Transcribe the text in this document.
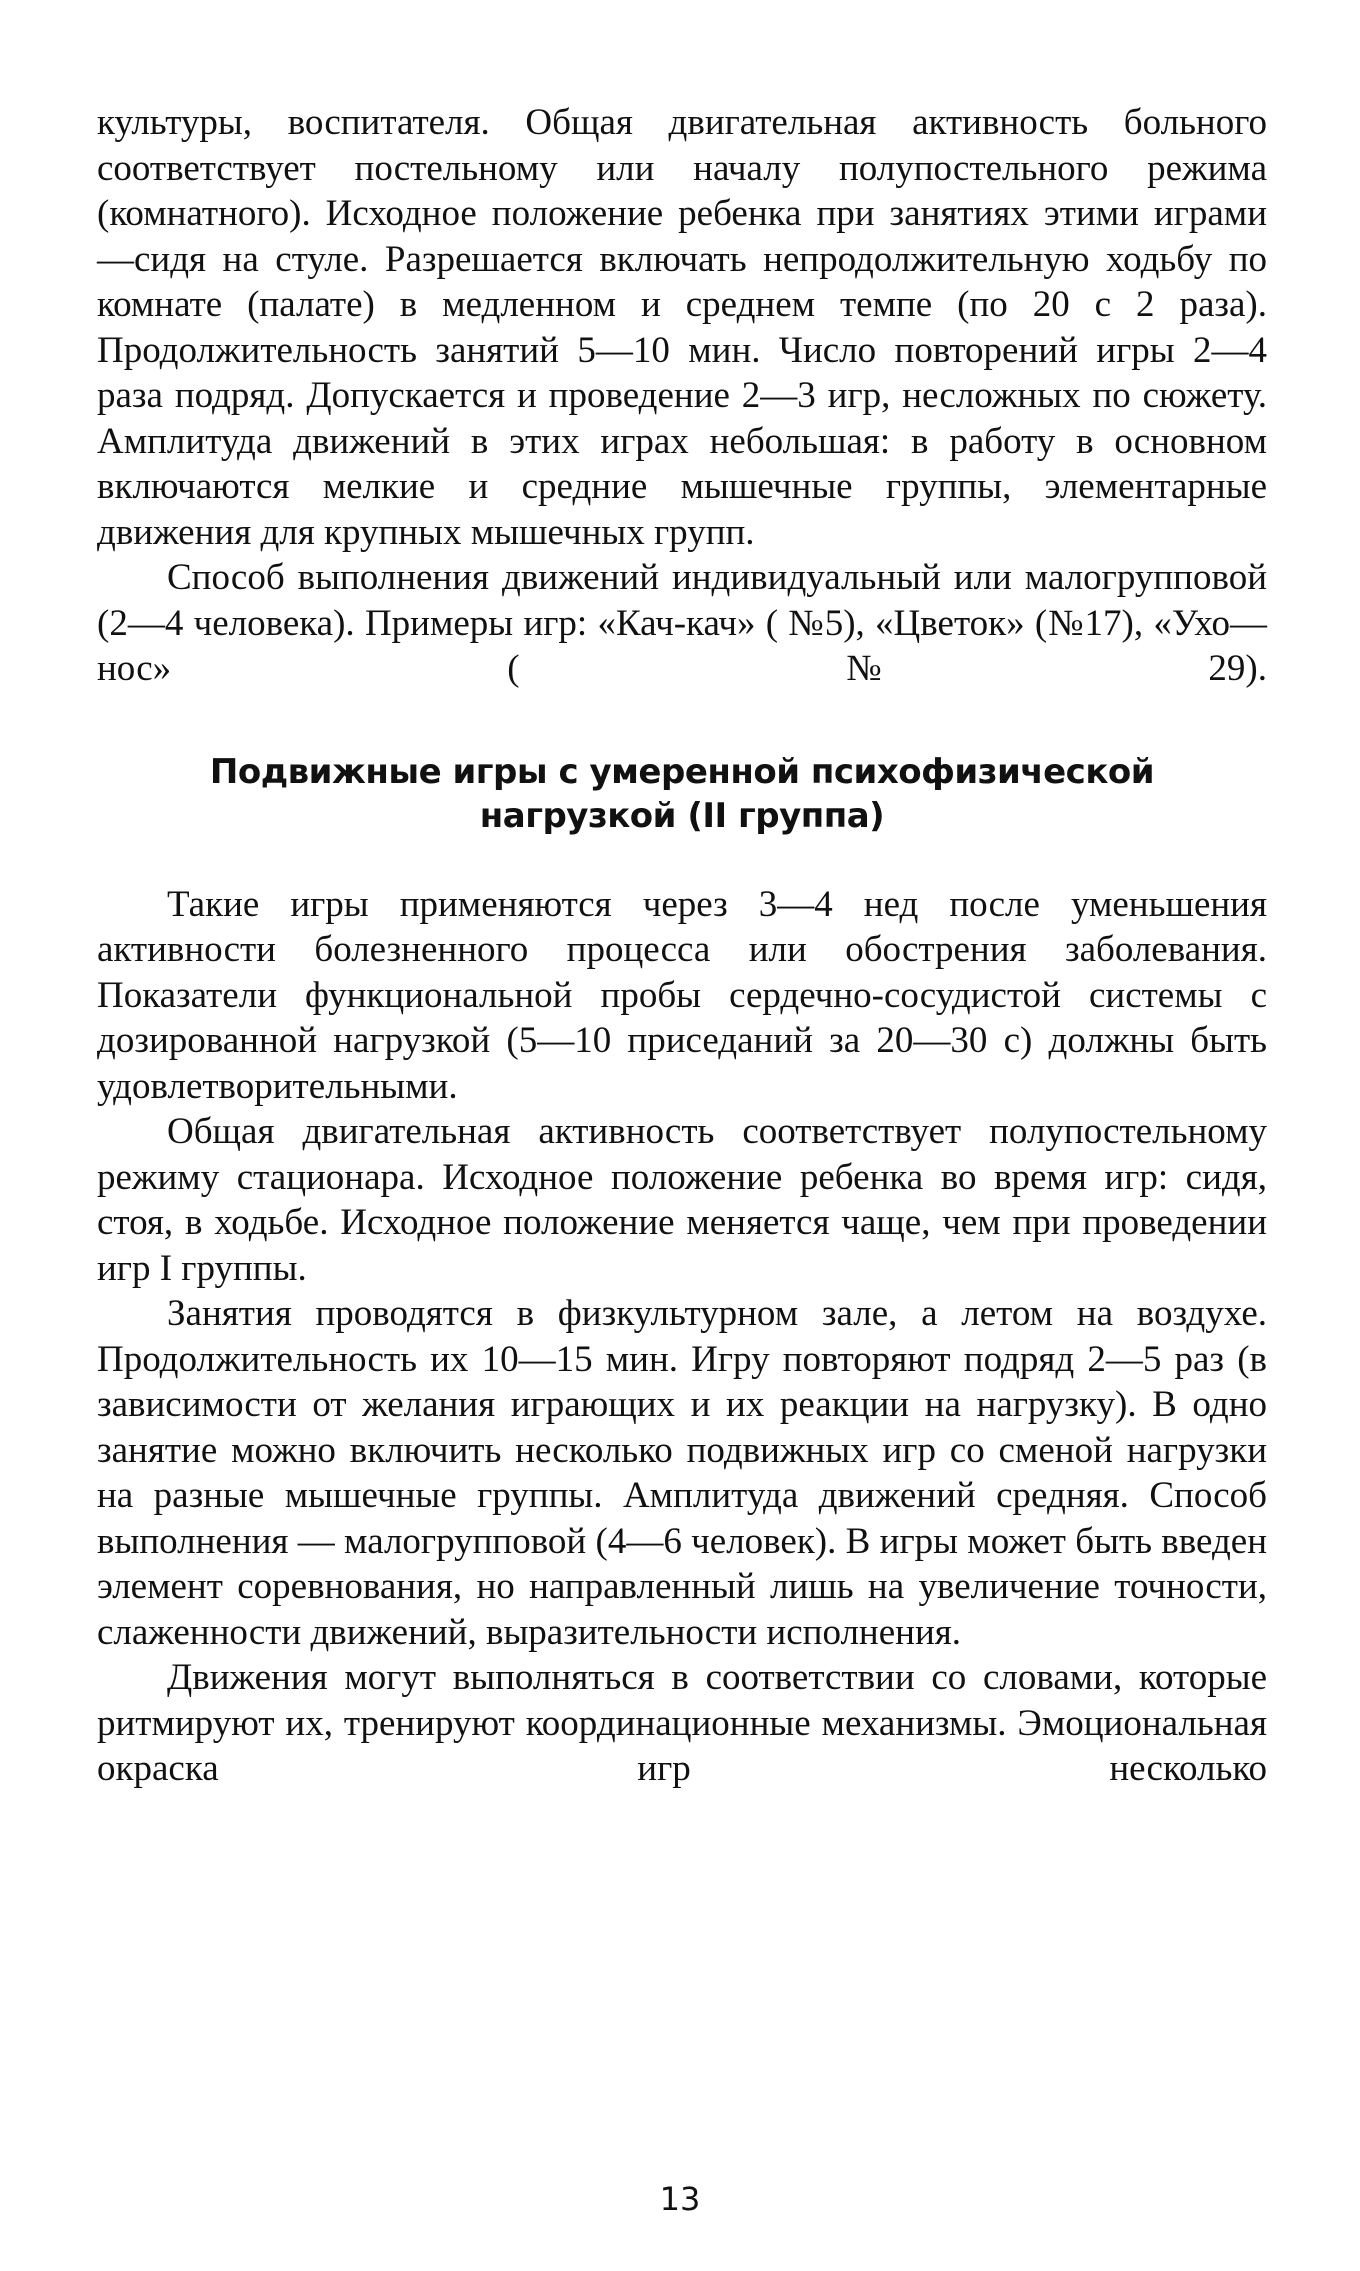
культуры, воспитателя. Общая двигательная активность больного соответствует постельному или началу полупостельного режима (комнатного). Исходное положение ребенка при занятиях этими играми —сидя на стуле. Разрешается включать непродолжительную ходьбу по комнате (палате) в медленном и среднем темпе (по 20 с 2 раза). Продолжительность занятий 5—10 мин. Число повторений игры 2—4 раза подряд. Допускается и проведение 2—3 игр, несложных по сюжету. Амплитуда движений в этих играх небольшая: в работу в основном включаются мелкие и средние мышечные группы, элементарные движения для крупных мышечных групп.

Способ выполнения движений индивидуальный или малогрупповой (2—4 человека). Примеры игр: «Кач-кач» ( №5), «Цветок» (№17), «Ухо—нос» (№29).

Подвижные игры с умеренной психофизической
нагрузкой (II группа)

Такие игры применяются через 3—4 нед после уменьшения активности болезненного процесса или обострения заболевания. Показатели функциональной пробы сердечно-сосудистой системы с дозированной нагрузкой (5—10 приседаний за 20—30 с) должны быть удовлетворительными.

Общая двигательная активность соответствует полупостельному режиму стационара. Исходное положение ребенка во время игр: сидя, стоя, в ходьбе. Исходное положение меняется чаще, чем при проведении игр I группы.

Занятия проводятся в физкультурном зале, а летом на воздухе. Продолжительность их 10—15 мин. Игру повторяют подряд 2—5 раз (в зависимости от желания играющих и их реакции на нагрузку). В одно занятие можно включить несколько подвижных игр со сменой нагрузки на разные мышечные группы. Амплитуда движений средняя. Способ выполнения — малогрупповой (4—6 человек). В игры может быть введен элемент соревнования, но направленный лишь на увеличение точности, слаженности движений, выразительности исполнения.

Движения могут выполняться в соответствии со словами, которые ритмируют их, тренируют координационные механизмы. Эмоциональная окраска игр несколько

13
